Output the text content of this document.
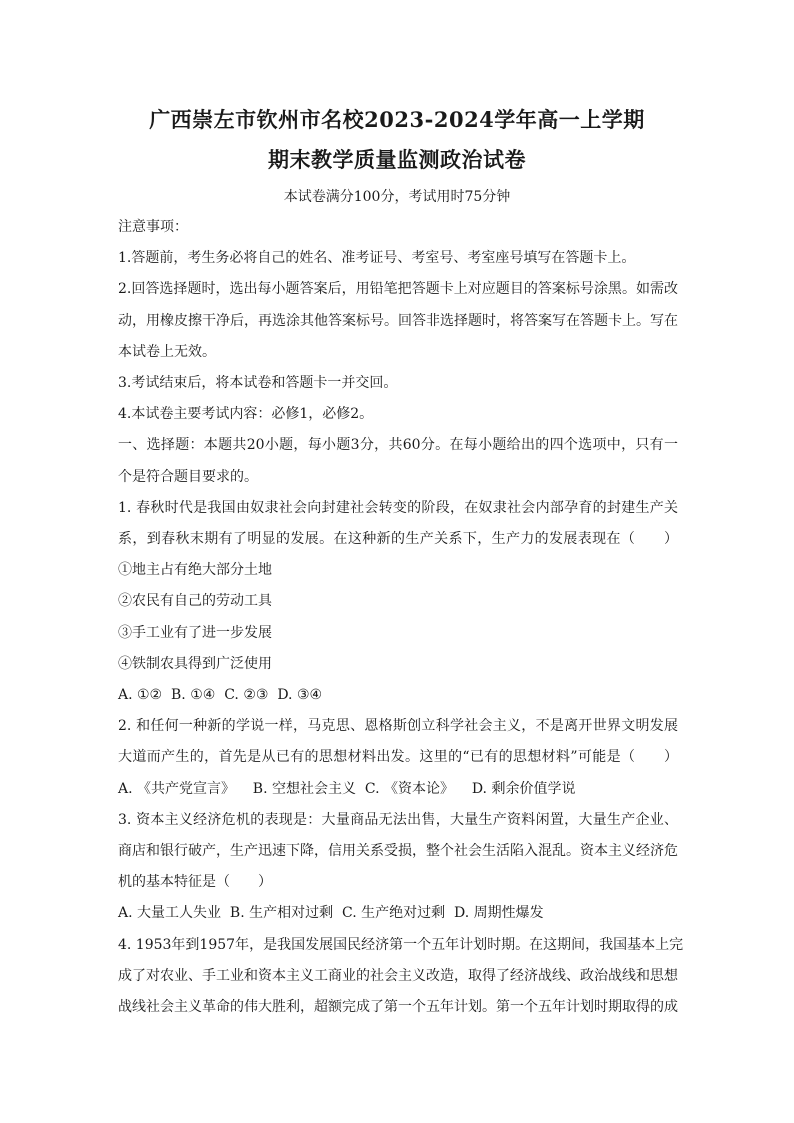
广西崇左市钦州市名校2023-2024学年高一上学期
期末教学质量监测政治试卷
本试卷满分100分，考试用时75分钟
注意事项：
1.答题前，考生务必将自己的姓名、准考证号、考室号、考室座号填写在答题卡上。
2.回答选择题时，选出每小题答案后，用铅笔把答题卡上对应题目的答案标号涂黑。如需改
动，用橡皮擦干净后，再选涂其他答案标号。回答非选择题时，将答案写在答题卡上。写在
本试卷上无效。
3.考试结束后，将本试卷和答题卡一并交回。
4.本试卷主要考试内容：必修1，必修2。
一、选择题：本题共20小题，每小题3分，共60分。在每小题给出的四个选项中，只有一
个是符合题目要求的。
1. 春秋时代是我国由奴隶社会向封建社会转变的阶段，在奴隶社会内部孕育的封建生产关
系，到春秋末期有了明显的发展。在这种新的生产关系下，生产力的发展表现在（　　）
①地主占有绝大部分土地
②农民有自己的劳动工具
③手工业有了进一步发展
④铁制农具得到广泛使用
A. ①②  B. ①④  C. ②③  D. ③④
2. 和任何一种新的学说一样，马克思、恩格斯创立科学社会主义，不是离开世界文明发展
大道而产生的，首先是从已有的思想材料出发。这里的“已有的思想材料”可能是（　　）
A. 《共产党宣言》    B. 空想社会主义  C. 《资本论》    D. 剩余价值学说
3. 资本主义经济危机的表现是：大量商品无法出售，大量生产资料闲置，大量生产企业、
商店和银行破产，生产迅速下降，信用关系受损，整个社会生活陷入混乱。资本主义经济危
机的基本特征是（　　）
A. 大量工人失业  B. 生产相对过剩  C. 生产绝对过剩  D. 周期性爆发
4. 1953年到1957年，是我国发展国民经济第一个五年计划时期。在这期间，我国基本上完
成了对农业、手工业和资本主义工商业的社会主义改造，取得了经济战线、政治战线和思想
战线社会主义革命的伟大胜利，超额完成了第一个五年计划。第一个五年计划时期取得的成
